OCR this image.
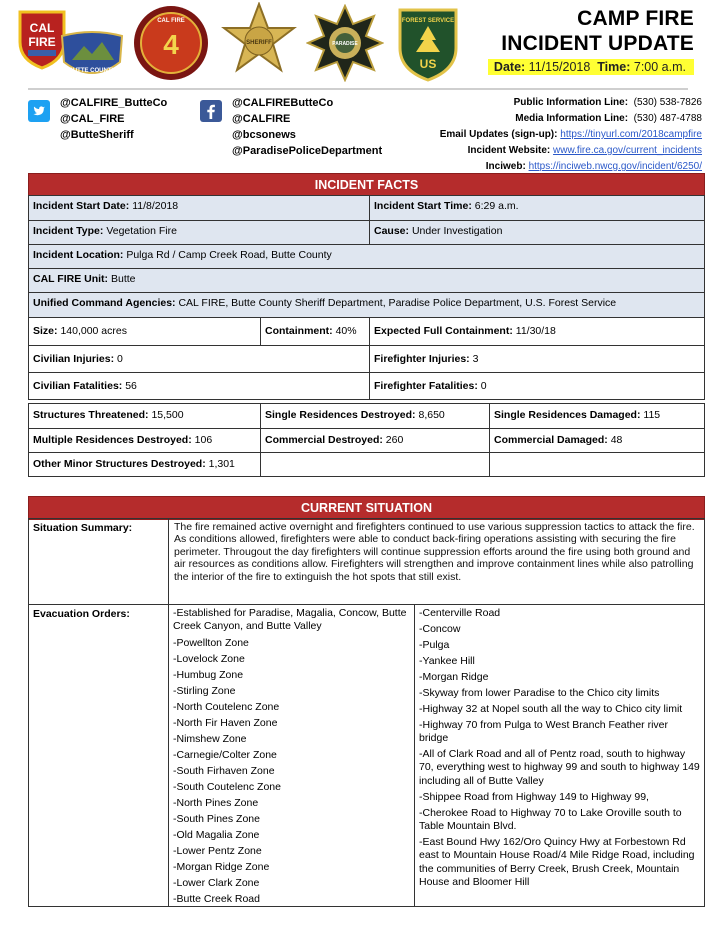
CAL
FIRE
BUTTE COUNTY
4
CAL FIRE
SHERIFF	PARADISE
FOREST SERVICE
US
CAMP FIRE
INCIDENT UPDATE
Date: 11/15/2018 Time: 7:00 a.m.
@CALFIRE_ButteCo
@CAL_FIRE
@ButteSheriff
@CALFIREButteCo
@CALFIRE
@bcsonews
@ParadisePoliceDepartment
Public Information Line: (530) 538-7826
Media Information Line: (530) 487-4788
Email Updates (sign-up): https://tinyurl.com/2018campfire
Incident Website: www.fire.ca.gov/current_incidents
Inciweb: https://inciweb.nwcg.gov/incident/6250/
INCIDENT FACTS
Incident Start Date: 11/8/2018	Incident Start Time: 6:29 a.m.
Incident Type: Vegetation Fire	Cause: Under Investigation
Incident Location: Pulga Rd / Camp Creek Road, Butte County
CAL FIRE Unit: Butte
Unified Command Agencies: CAL FIRE, Butte County Sheriff Department, Paradise Police Department, U.S. Forest Service
Size: 140,000 acres	Containment: 40%	Expected Full Containment: 11/30/18
Civilian Injuries: 0	Firefighter Injuries: 3
Civilian Fatalities: 56	Firefighter Fatalities: 0
Structures Threatened: 15,500	Single Residences Destroyed: 8,650	Single Residences Damaged: 115
Multiple Residences Destroyed: 106	Commercial Destroyed: 260	Commercial Damaged: 48
Other Minor Structures Destroyed: 1,301
CURRENT SITUATION
Situation Summary:	The fire remained active overnight and firefighters continued to use various suppression tactics to attack the fire. As conditions allowed, firefighters were able to conduct back-firing operations assisting with securing the fire perimeter. Througout the day firefighters will continue suppression efforts around the fire using both ground and air resources as conditions allow. Firefighters will strengthen and improve containment lines while also patrolling the interior of the fire to extinguish the hot spots that still exist.
Evacuation Orders:	-Established for Paradise, Magalia, Concow, Butte Creek Canyon, and Butte Valley
-Powellton Zone
-Lovelock Zone
-Humbug Zone
-Stirling Zone
-North Coutelenc Zone
-North Fir Haven Zone
-Nimshew Zone
-Carnegie/Colter Zone
-South Firhaven Zone
-South Coutelenc Zone
-North Pines Zone
-South Pines Zone
-Old Magalia Zone
-Lower Pentz Zone
-Morgan Ridge Zone
-Lower Clark Zone
-Butte Creek Road
-Centerville Road
-Concow
-Pulga
-Yankee Hill
-Morgan Ridge
-Skyway from lower Paradise to the Chico city limits
-Highway 32 at Nopel south all the way to Chico city limit
-Highway 70 from Pulga to West Branch Feather river bridge
-All of Clark Road and all of Pentz road, south to highway 70, everything west to highway 99 and south to highway 149 including all of Butte Valley
-Shippee Road from Highway 149 to Highway 99,
-Cherokee Road to Highway 70 to Lake Oroville south to Table Mountain Blvd.
-East Bound Hwy 162/Oro Quincy Hwy at Forbestown Rd east to Mountain House Road/4 Mile Ridge Road, including the communities of Berry Creek, Brush Creek, Mountain House and Bloomer Hill
